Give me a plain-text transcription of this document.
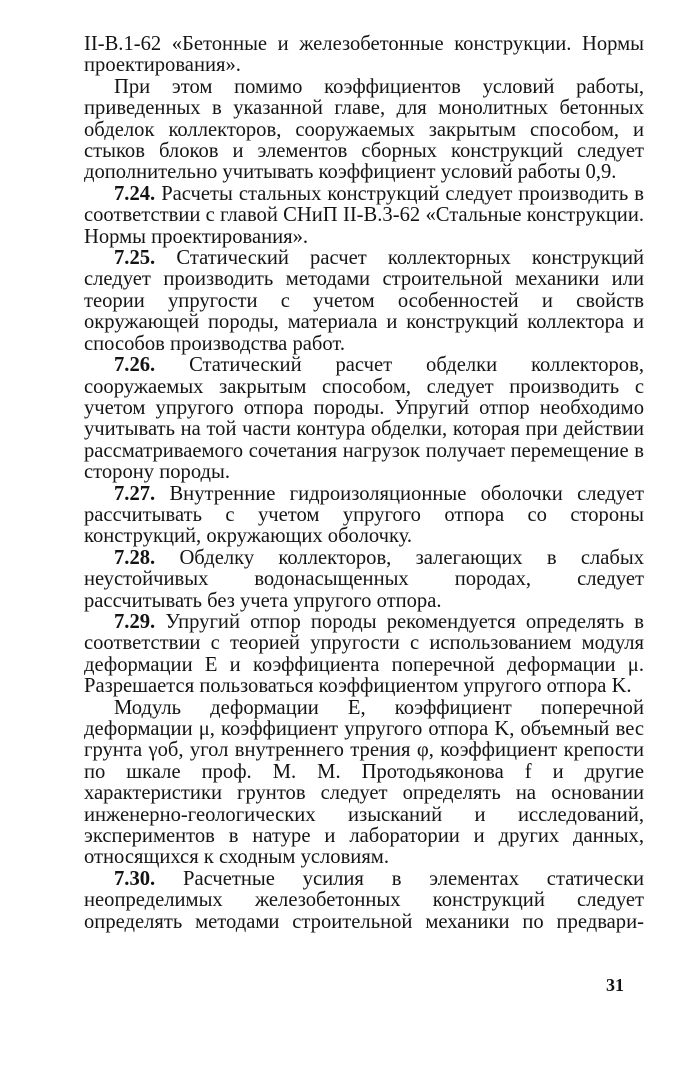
II-В.1-62 «Бетонные и железобетонные конструкции. Нормы проектирования».

При этом помимо коэффициентов условий работы, приведенных в указанной главе, для монолитных бетонных обделок коллекторов, сооружаемых закрытым способом, и стыков блоков и элементов сборных конструкций следует дополнительно учитывать коэффициент условий работы 0,9.

7.24. Расчеты стальных конструкций следует производить в соответствии с главой СНиП II-В.3-62 «Стальные конструкции. Нормы проектирования».

7.25. Статический расчет коллекторных конструкций следует производить методами строительной механики или теории упругости с учетом особенностей и свойств окружающей породы, материала и конструкций коллектора и способов производства работ.

7.26. Статический расчет обделки коллекторов, сооружаемых закрытым способом, следует производить с учетом упругого отпора породы. Упругий отпор необходимо учитывать на той части контура обделки, которая при действии рассматриваемого сочетания нагрузок получает перемещение в сторону породы.

7.27. Внутренние гидроизоляционные оболочки следует рассчитывать с учетом упругого отпора со стороны конструкций, окружающих оболочку.

7.28. Обделку коллекторов, залегающих в слабых неустойчивых водонасыщенных породах, следует рассчитывать без учета упругого отпора.

7.29. Упругий отпор породы рекомендуется определять в соответствии с теорией упругости с использованием модуля деформации E и коэффициента поперечной деформации μ. Разрешается пользоваться коэффициентом упругого отпора K.

Модуль деформации E, коэффициент поперечной деформации μ, коэффициент упругого отпора K, объемный вес грунта γоб, угол внутреннего трения φ, коэффициент крепости по шкале проф. М. М. Протодьяконова f и другие характеристики грунтов следует определять на основании инженерно-геологических изысканий и исследований, экспериментов в натуре и лаборатории и других данных, относящихся к сходным условиям.

7.30. Расчетные усилия в элементах статически неопределимых железобетонных конструкций следует определять методами строительной механики по предвари-

31
